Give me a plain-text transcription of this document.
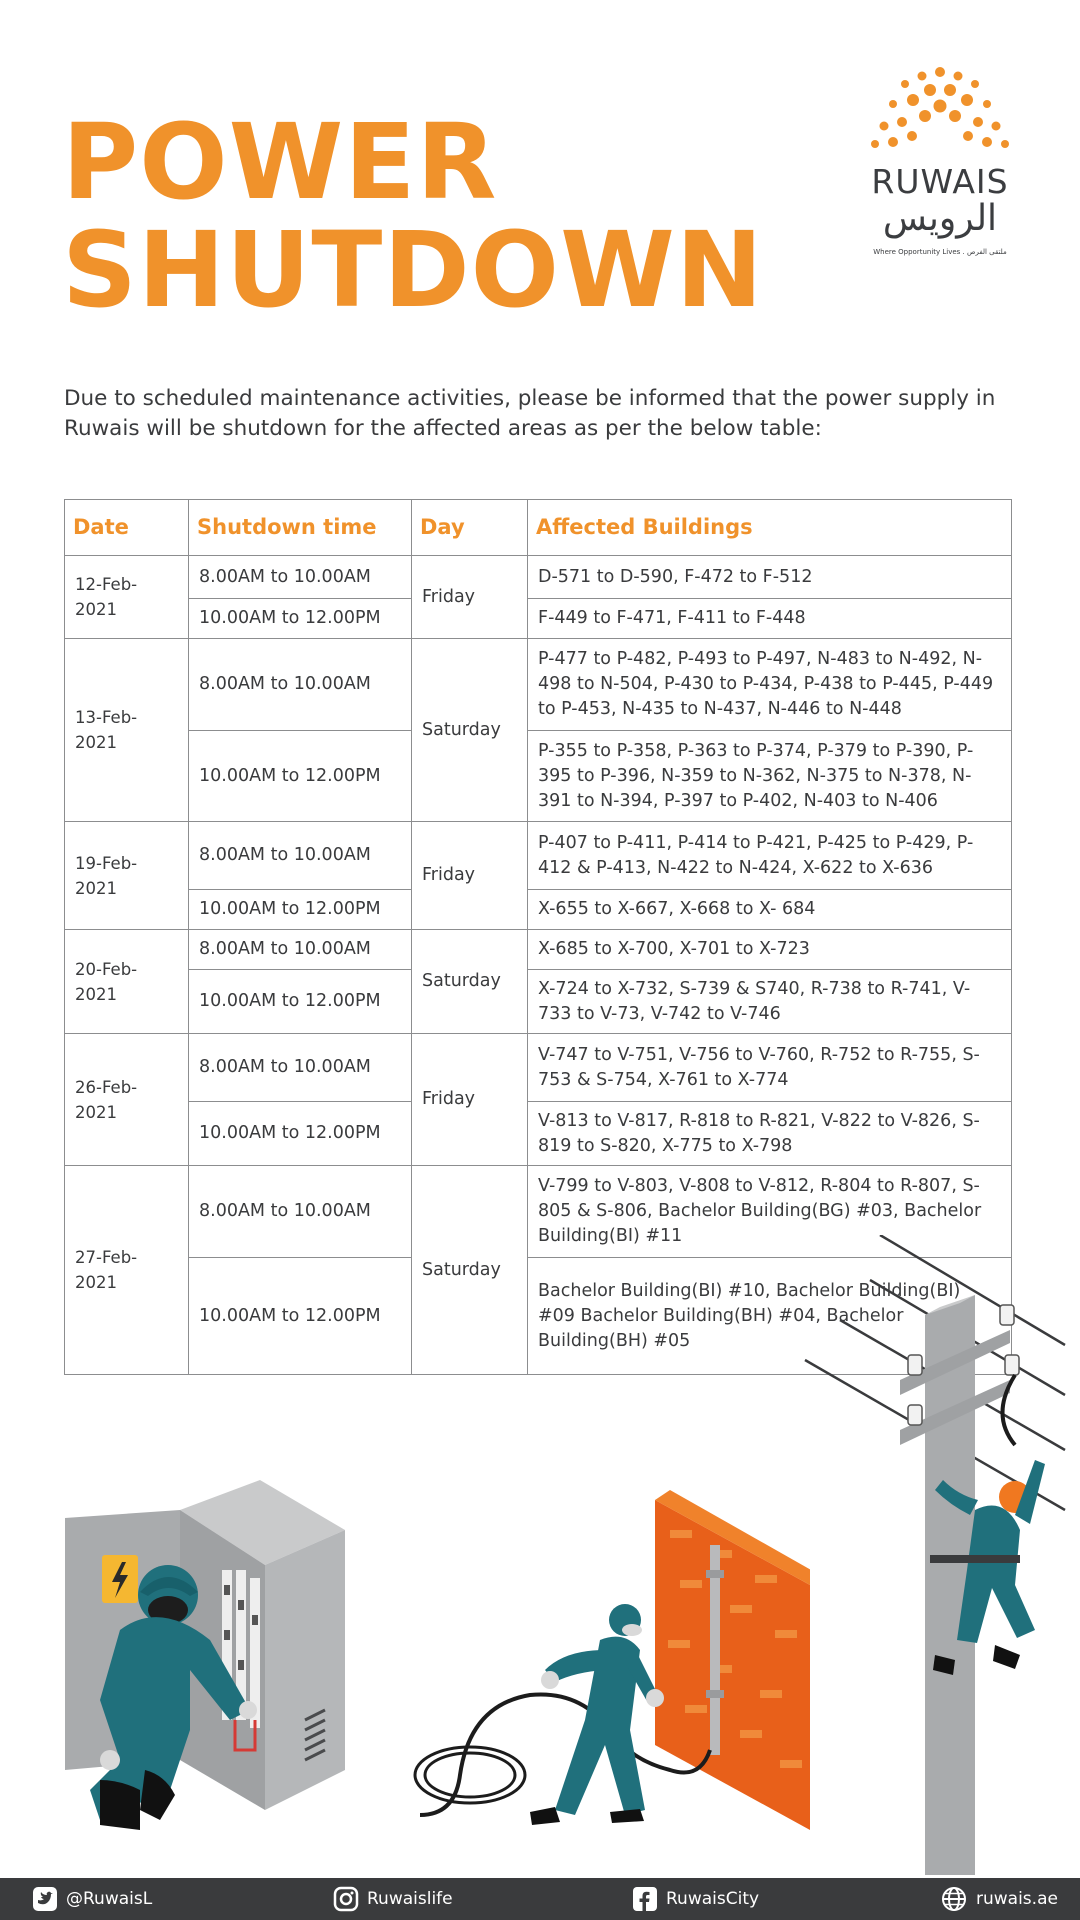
POWER
SHUTDOWN
RUWAIS
الرويس
Where Opportunity Lives . ملتقى الفرص

Due to scheduled maintenance activities, please be informed that the power supply in Ruwais will be shutdown for the affected areas as per the below table:

Date	Shutdown time	Day	Affected Buildings
12-Feb-2021	8.00AM to 10.00AM	Friday	D-571 to D-590, F-472 to F-512
	10.00AM to 12.00PM		F-449 to F-471, F-411 to F-448
13-Feb-2021	8.00AM to 10.00AM	Saturday	P-477 to P-482, P-493 to P-497, N-483 to N-492, N-498 to N-504, P-430 to P-434, P-438 to P-445, P-449 to P-453, N-435 to N-437, N-446 to N-448
	10.00AM to 12.00PM		P-355 to P-358, P-363 to P-374, P-379 to P-390, P-395 to P-396, N-359 to N-362, N-375 to N-378, N-391 to N-394, P-397 to P-402, N-403 to N-406
19-Feb-2021	8.00AM to 10.00AM	Friday	P-407 to P-411, P-414 to P-421, P-425 to P-429, P-412 & P-413, N-422 to N-424, X-622 to X-636
	10.00AM to 12.00PM		X-655 to X-667, X-668 to X- 684
20-Feb-2021	8.00AM to 10.00AM	Saturday	X-685 to X-700, X-701 to X-723
	10.00AM to 12.00PM		X-724 to X-732, S-739 & S740, R-738 to R-741, V-733 to V-73, V-742 to V-746
26-Feb-2021	8.00AM to 10.00AM	Friday	V-747 to V-751, V-756 to V-760, R-752 to R-755, S-753 & S-754, X-761 to X-774
	10.00AM to 12.00PM		V-813 to V-817, R-818 to R-821, V-822 to V-826, S-819 to S-820, X-775 to X-798
27-Feb-2021	8.00AM to 10.00AM	Saturday	V-799 to V-803, V-808 to V-812, R-804 to R-807, S-805 & S-806, Bachelor Building(BG) #03, Bachelor Building(BI) #11
	10.00AM to 12.00PM		Bachelor Building(BI) #10, Bachelor Building(BI) #09 Bachelor Building(BH) #04, Bachelor Building(BH) #05
@RuwaisL	Ruwaislife	RuwaisCity	ruwais.ae
